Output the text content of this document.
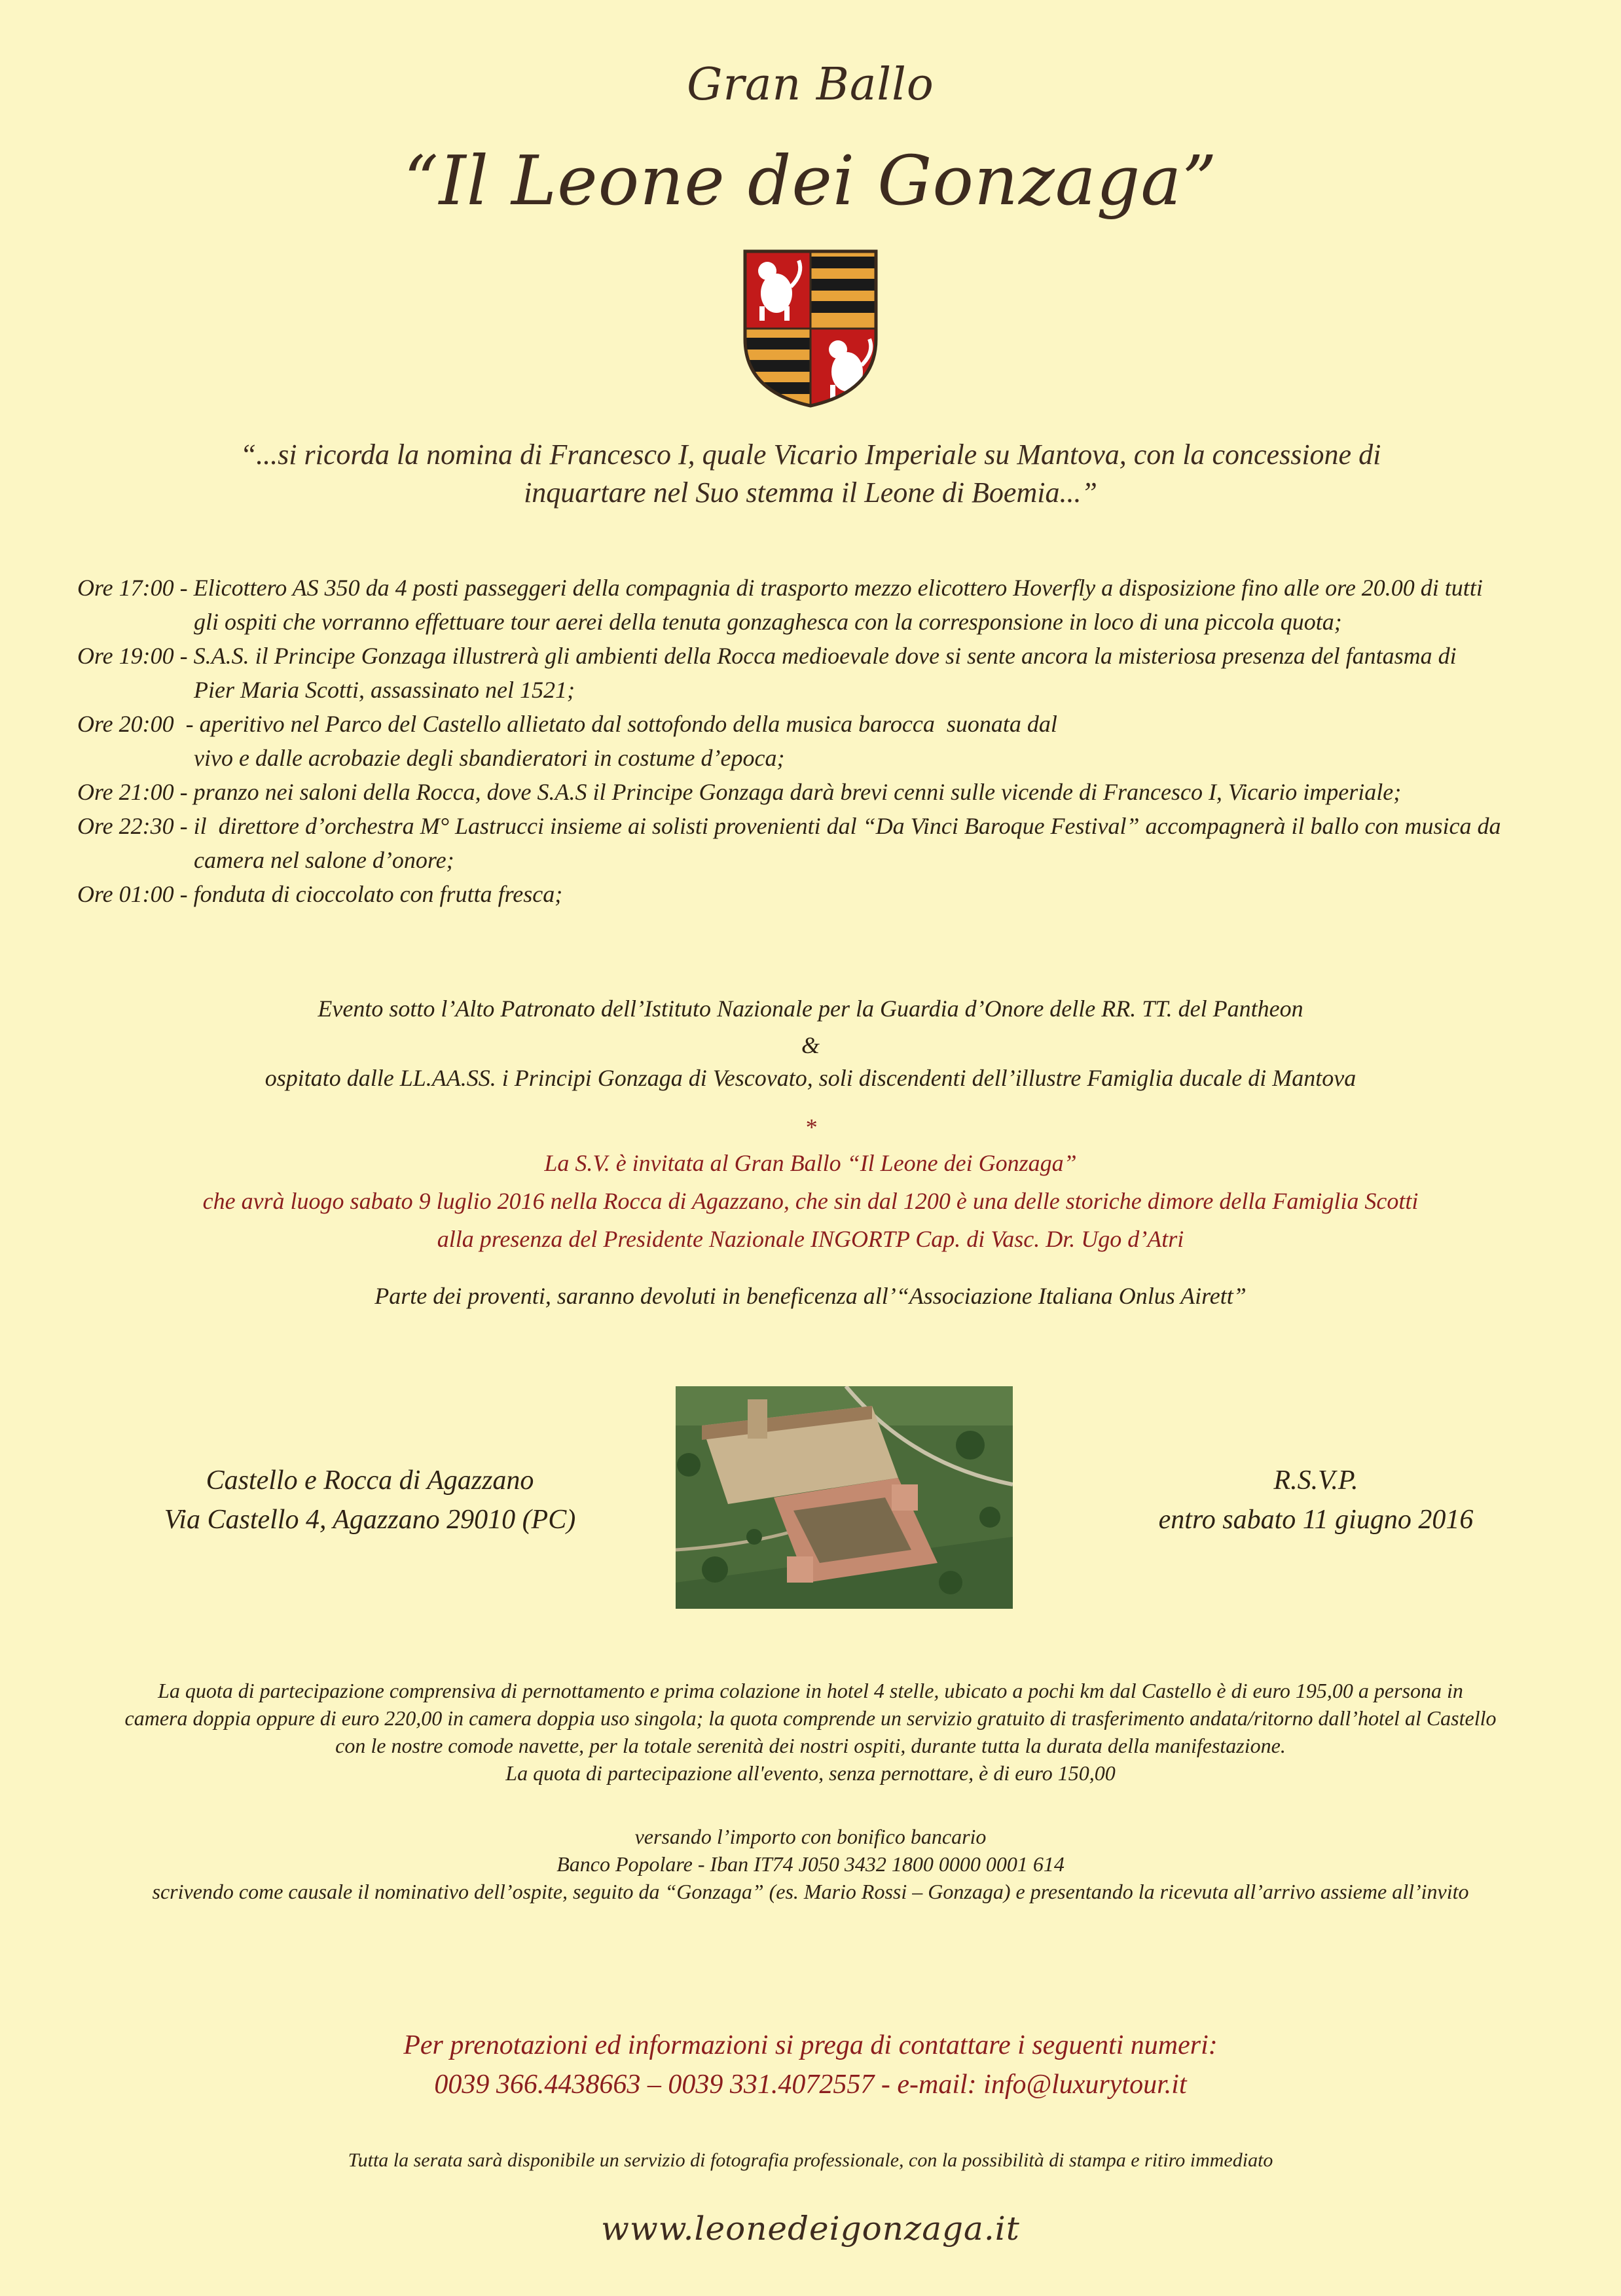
Gran Ballo
“Il Leone dei Gonzaga”
“...si ricorda la nomina di Francesco I, quale Vicario Imperiale su Mantova, con la concessione di
inquartare nel Suo stemma il Leone di Boemia...”
Ore 17:00 - Elicottero AS 350 da 4 posti passeggeri della compagnia di trasporto mezzo elicottero Hoverfly a disposizione fino alle ore 20.00 di tutti
gli ospiti che vorranno effettuare tour aerei della tenuta gonzaghesca con la corresponsione in loco di una piccola quota;
Ore 19:00 - S.A.S. il Principe Gonzaga illustrerà gli ambienti della Rocca medioevale dove si sente ancora la misteriosa presenza del fantasma di
Pier Maria Scotti, assassinato nel 1521;
Ore 20:00  - aperitivo nel Parco del Castello allietato dal sottofondo della musica barocca  suonata dal
vivo e dalle acrobazie degli sbandieratori in costume d’epoca;
Ore 21:00 - pranzo nei saloni della Rocca, dove S.A.S il Principe Gonzaga darà brevi cenni sulle vicende di Francesco I, Vicario imperiale;
Ore 22:30 - il  direttore d’orchestra M° Lastrucci insieme ai solisti provenienti dal “Da Vinci Baroque Festival” accompagnerà il ballo con musica da
camera nel salone d’onore;
Ore 01:00 - fonduta di cioccolato con frutta fresca;
Evento sotto l’Alto Patronato dell’Istituto Nazionale per la Guardia d’Onore delle RR. TT. del Pantheon
&
ospitato dalle LL.AA.SS. i Principi Gonzaga di Vescovato, soli discendenti dell’illustre Famiglia ducale di Mantova
*
La S.V. è invitata al Gran Ballo “Il Leone dei Gonzaga”
che avrà luogo sabato 9 luglio 2016 nella Rocca di Agazzano, che sin dal 1200 è una delle storiche dimore della Famiglia Scotti
alla presenza del Presidente Nazionale INGORTP Cap. di Vasc. Dr. Ugo d’Atri
Parte dei proventi, saranno devoluti in beneficenza all’“Associazione Italiana Onlus Airett”
Castello e Rocca di Agazzano
Via Castello 4, Agazzano 29010 (PC)
R.S.V.P.
entro sabato 11 giugno 2016
La quota di partecipazione comprensiva di pernottamento e prima colazione in hotel 4 stelle, ubicato a pochi km dal Castello è di euro 195,00 a persona in
camera doppia oppure di euro 220,00 in camera doppia uso singola; la quota comprende un servizio gratuito di trasferimento andata/ritorno dall’hotel al Castello
con le nostre comode navette, per la totale serenità dei nostri ospiti, durante tutta la durata della manifestazione.
La quota di partecipazione all'evento, senza pernottare, è di euro 150,00
versando l’importo con bonifico bancario
Banco Popolare - Iban IT74 J050 3432 1800 0000 0001 614
scrivendo come causale il nominativo dell’ospite, seguito da “Gonzaga” (es. Mario Rossi – Gonzaga) e presentando la ricevuta all’arrivo assieme all’invito
Per prenotazioni ed informazioni si prega di contattare i seguenti numeri:
0039 366.4438663 – 0039 331.4072557 - e-mail: info@luxurytour.it
Tutta la serata sarà disponibile un servizio di fotografia professionale, con la possibilità di stampa e ritiro immediato
www.leonedeigonzaga.it
